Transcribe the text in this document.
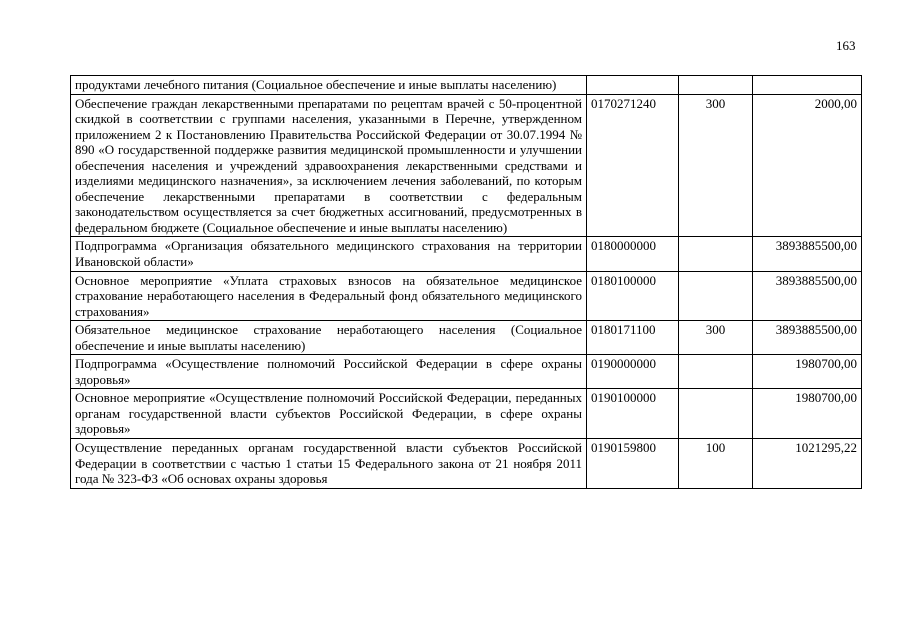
163
продуктами лечебного питания (Социальное обеспечение и иные выплаты населению)			
Обеспечение граждан лекарственными препаратами по рецептам врачей с 50-процентной скидкой в соответствии с группами населения, указанными в Перечне, утвержденном приложением 2 к Постановлению Правительства Российской Федерации от 30.07.1994 № 890 «О государственной поддержке развития медицинской промышленности и улучшении обеспечения населения и учреждений здравоохранения лекарственными средствами и изделиями медицинского назначения», за исключением лечения заболеваний, по которым обеспечение лекарственными препаратами в соответствии с федеральным законодательством осуществляется за счет бюджетных ассигнований, предусмотренных в федеральном бюджете (Социальное обеспечение и иные выплаты населению)	0170271240	300	2000,00
Подпрограмма «Организация обязательного медицинского страхования на территории Ивановской области»	0180000000		3893885500,00
Основное мероприятие «Уплата страховых взносов на обязательное медицинское страхование неработающего населения в Федеральный фонд обязательного медицинского страхования»	0180100000		3893885500,00
Обязательное медицинское страхование неработающего населения (Социальное обеспечение и иные выплаты населению)	0180171100	300	3893885500,00
Подпрограмма «Осуществление полномочий Российской Федерации в сфере охраны здоровья»	0190000000		1980700,00
Основное мероприятие «Осуществление полномочий Российской Федерации, переданных органам государственной власти субъектов Российской Федерации, в сфере охраны здоровья»	0190100000		1980700,00
Осуществление переданных органам государственной власти субъектов Российской Федерации в соответствии с частью 1 статьи 15 Федерального закона от 21 ноября 2011 года № 323-ФЗ «Об основах охраны здоровья	0190159800	100	1021295,22
